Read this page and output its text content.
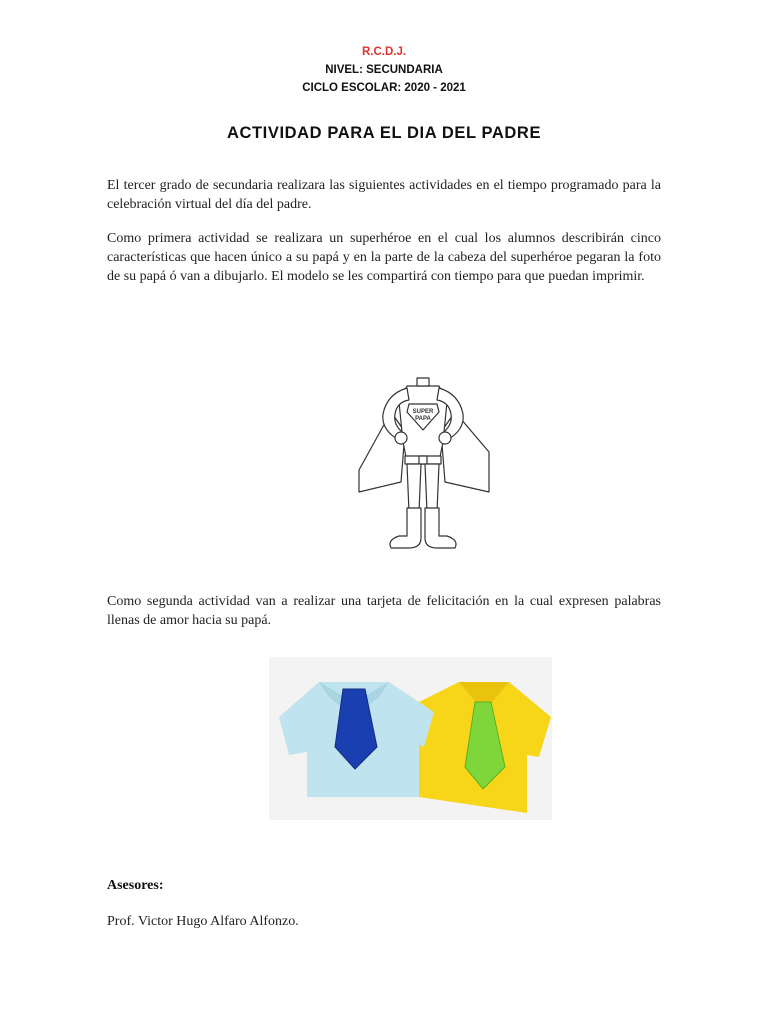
R.C.D.J.
NIVEL: SECUNDARIA
CICLO ESCOLAR: 2020 - 2021
ACTIVIDAD PARA EL DIA DEL PADRE
El tercer grado de secundaria realizara las siguientes actividades en el tiempo programado para la celebración virtual del día del padre.
Como primera actividad se realizara un superhéroe en el cual los alumnos describirán cinco características que hacen único a su papá y en la parte de la cabeza del superhéroe pegaran la foto de su papá ó van a dibujarlo. El modelo se les compartirá con tiempo para que puedan imprimir.
SUPER
PAPA
Como segunda actividad van a realizar una tarjeta de felicitación en la cual expresen palabras llenas de amor hacia su papá.
Asesores:
Prof. Victor Hugo Alfaro Alfonzo.
